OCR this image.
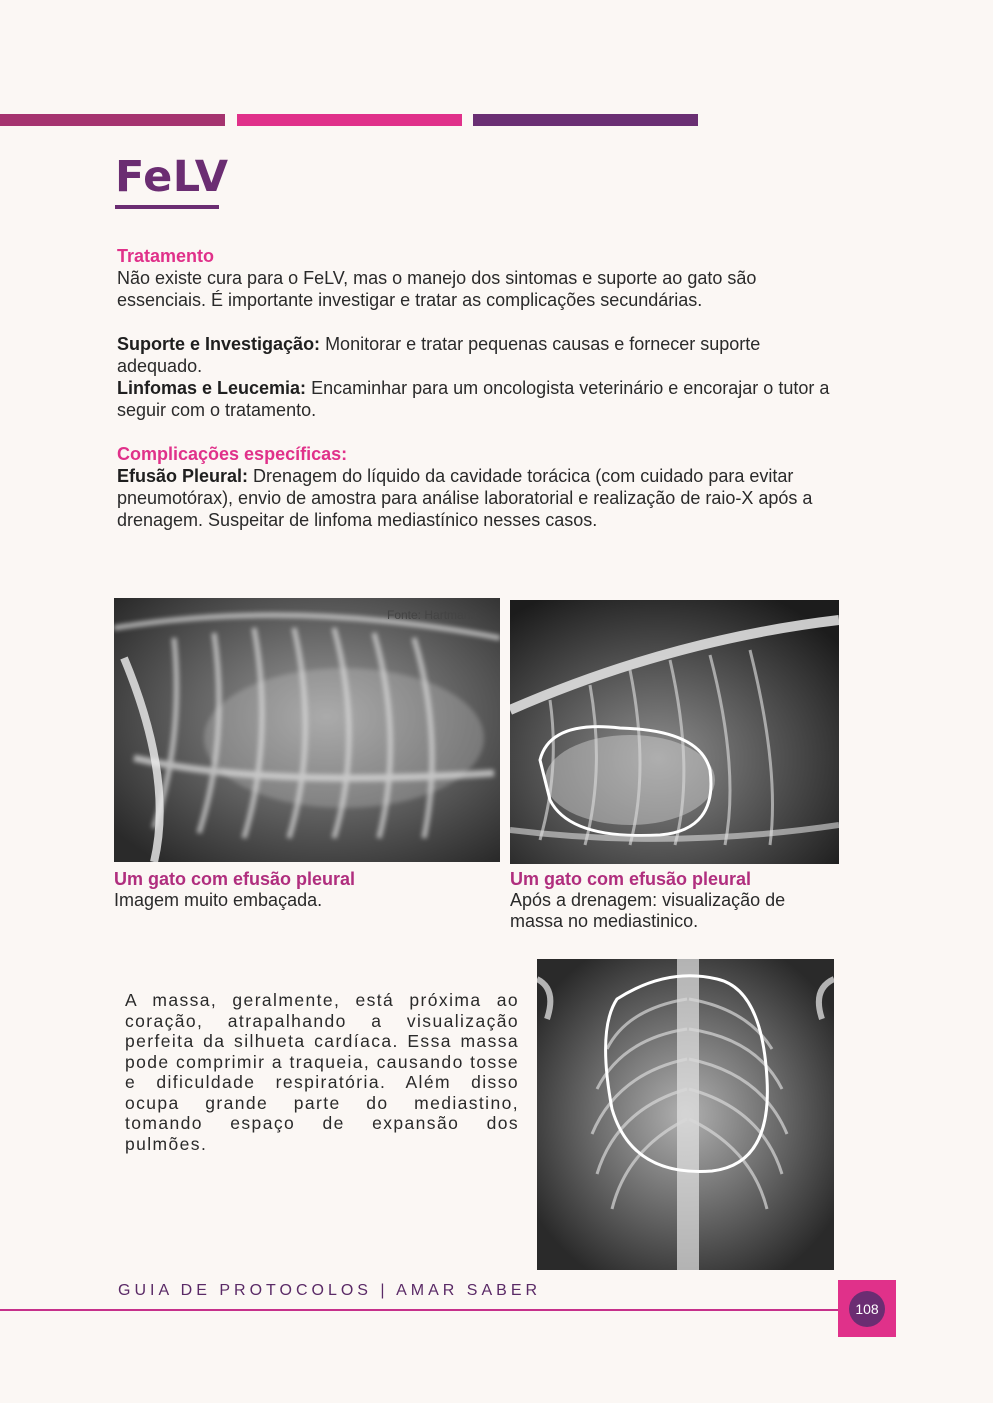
FeLV
Tratamento

Não existe cura para o FeLV, mas o manejo dos sintomas e suporte ao gato são essenciais. É importante investigar e tratar as complicações secundárias.

Suporte e Investigação: Monitorar e tratar pequenas causas e fornecer suporte adequado.

Linfomas e Leucemia: Encaminhar para um oncologista veterinário e encorajar o tutor a seguir com o tratamento.

Complicações específicas:

Efusão Pleural: Drenagem do líquido da cavidade torácica (com cuidado para evitar pneumotórax), envio de amostra para análise laboratorial e realização de raio-X após a drenagem. Suspeitar de linfoma mediastínico nesses casos.

Fonte: Hartmann
Um gato com efusão pleural
Imagem muito embaçada.
Um gato com efusão pleural
Após a drenagem: visualização de massa no mediastinico.

A massa, geralmente, está próxima ao coração, atrapalhando a visualização perfeita da silhueta cardíaca. Essa massa pode comprimir a traqueia, causando tosse e dificuldade respiratória. Além disso ocupa grande parte do mediastino, tomando espaço de expansão dos pulmões.

GUIA DE PROTOCOLOS | AMAR SABER
108
